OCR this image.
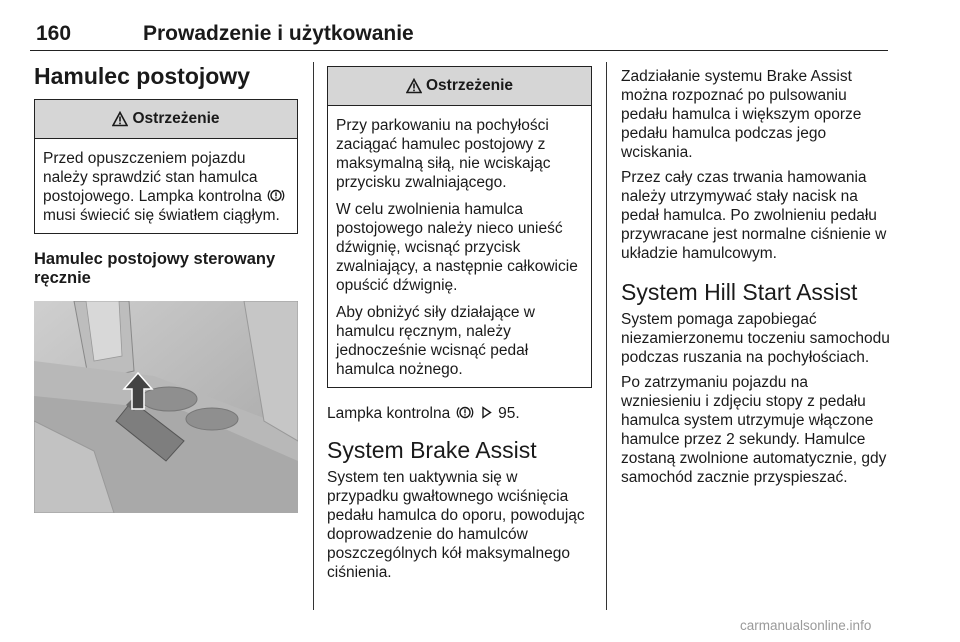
160	Prowadzenie i użytkowanie
Hamulec postojowy
Ostrzeżenie

Przed opuszczeniem pojazdu należy sprawdzić stan hamulca postojowego. Lampka kontrolna  musi świecić się światłem ciągłym.

Hamulec postojowy sterowany ręcznie
Ostrzeżenie

Przy parkowaniu na pochyłości zaciągać hamulec postojowy z maksymalną siłą, nie wciskając przycisku zwalniającego.

W celu zwolnienia hamulca postojowego należy nieco unieść dźwignię, wcisnąć przycisk zwalniający, a następnie całkowicie opuścić dźwignię.

Aby obniżyć siły działające w hamulcu ręcznym, należy jednocześnie wcisnąć pedał hamulca nożnego.

Lampka kontrolna	95.

System Brake Assist

System ten uaktywnia się w przypadku gwałtownego wciśnięcia pedału hamulca do oporu, powodując doprowadzenie do hamulców poszczególnych kół maksymalnego ciśnienia.

Zadziałanie systemu Brake Assist można rozpoznać po pulsowaniu pedału hamulca i większym oporze pedału hamulca podczas jego wciskania.

Przez cały czas trwania hamowania należy utrzymywać stały nacisk na pedał hamulca. Po zwolnieniu pedału przywracane jest normalne ciśnienie w układzie hamulcowym.

System Hill Start Assist

System pomaga zapobiegać niezamierzonemu toczeniu samochodu podczas ruszania na pochyłościach.

Po zatrzymaniu pojazdu na wzniesieniu i zdjęciu stopy z pedału hamulca system utrzymuje włączone hamulce przez 2 sekundy. Hamulce zostaną zwolnione automatycznie, gdy samochód zacznie przyspieszać.

carmanualsonline.info
